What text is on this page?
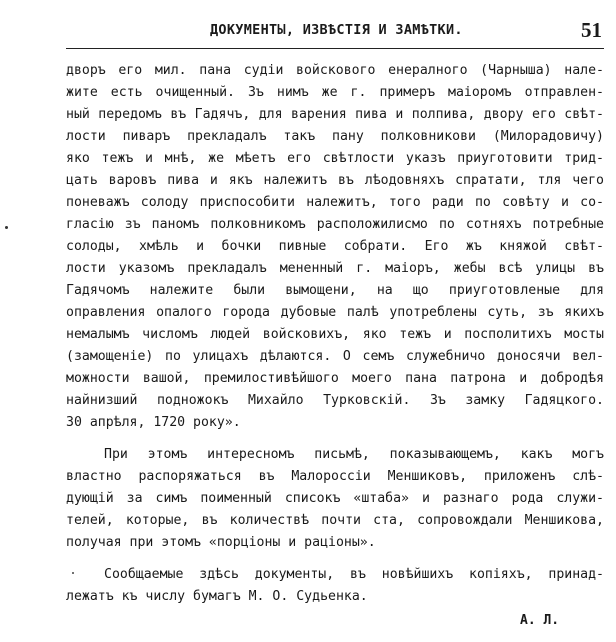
ДОКУМЕНТЫ, ИЗВѢСТІЯ И ЗАМѢТКИ.	51

дворъ его мил. пана судіи войскового енералного (Чарныша) нале-

жите есть очищенный. Зъ нимъ же г. примеръ маіоромъ отправлен-

ный передомъ въ Гадячъ, для варения пива и полпива, двору его свѣт-

лости пиваръ прекладалъ такъ пану полковникови (Милорадовичу)

яко тежъ и мнѣ, же мѣетъ его свѣтлости указъ приуготовити трид-

цать варовъ пива и якъ належитъ въ лѣодовняхъ спратати, тля чего

поневажъ солоду приспособити належитъ, того ради по совѣту и со-

гласію зъ паномъ полковникомъ расположилисмо по сотняхъ потребные

солоды, хмѣль и бочки пивные собрати. Его жъ княжой свѣт-

лости указомъ прекладалъ мененный г. маіоръ, жебы всѣ улицы въ

Гадячомъ належите были вымощени, на що приуготовленые для

оправления опалого города дубовые палѣ употреблены суть, зъ якихъ

немалымъ числомъ людей войсковихъ, яко тежъ и посполитихъ мосты

(замощеніе) по улицахъ дѣлаются. О семъ служебничо доносячи вел-

можности вашой, премилостивѣйшого моего пана патрона и добродѣя

найнизший подножокъ Михайло Турковскій. Зъ замку Гадяцкого.

30 апрѣля, 1720 року».

При этомъ интересномъ письмѣ, показывающемъ, какъ могъ

властно распоряжаться въ Малороссіи Меншиковъ, приложенъ слѣ-

дующій за симъ поименный списокъ «штаба» и разнаго рода служи-

телей, которые, въ количествѣ почти ста, сопровождали Меншикова,

получая при этомъ «порціоны и раціоны».

Сообщаемые здѣсь документы, въ новѣйшихъ копіяхъ, принад-

лежатъ къ числу бумагъ М. О. Судьенка.

А. Л.
